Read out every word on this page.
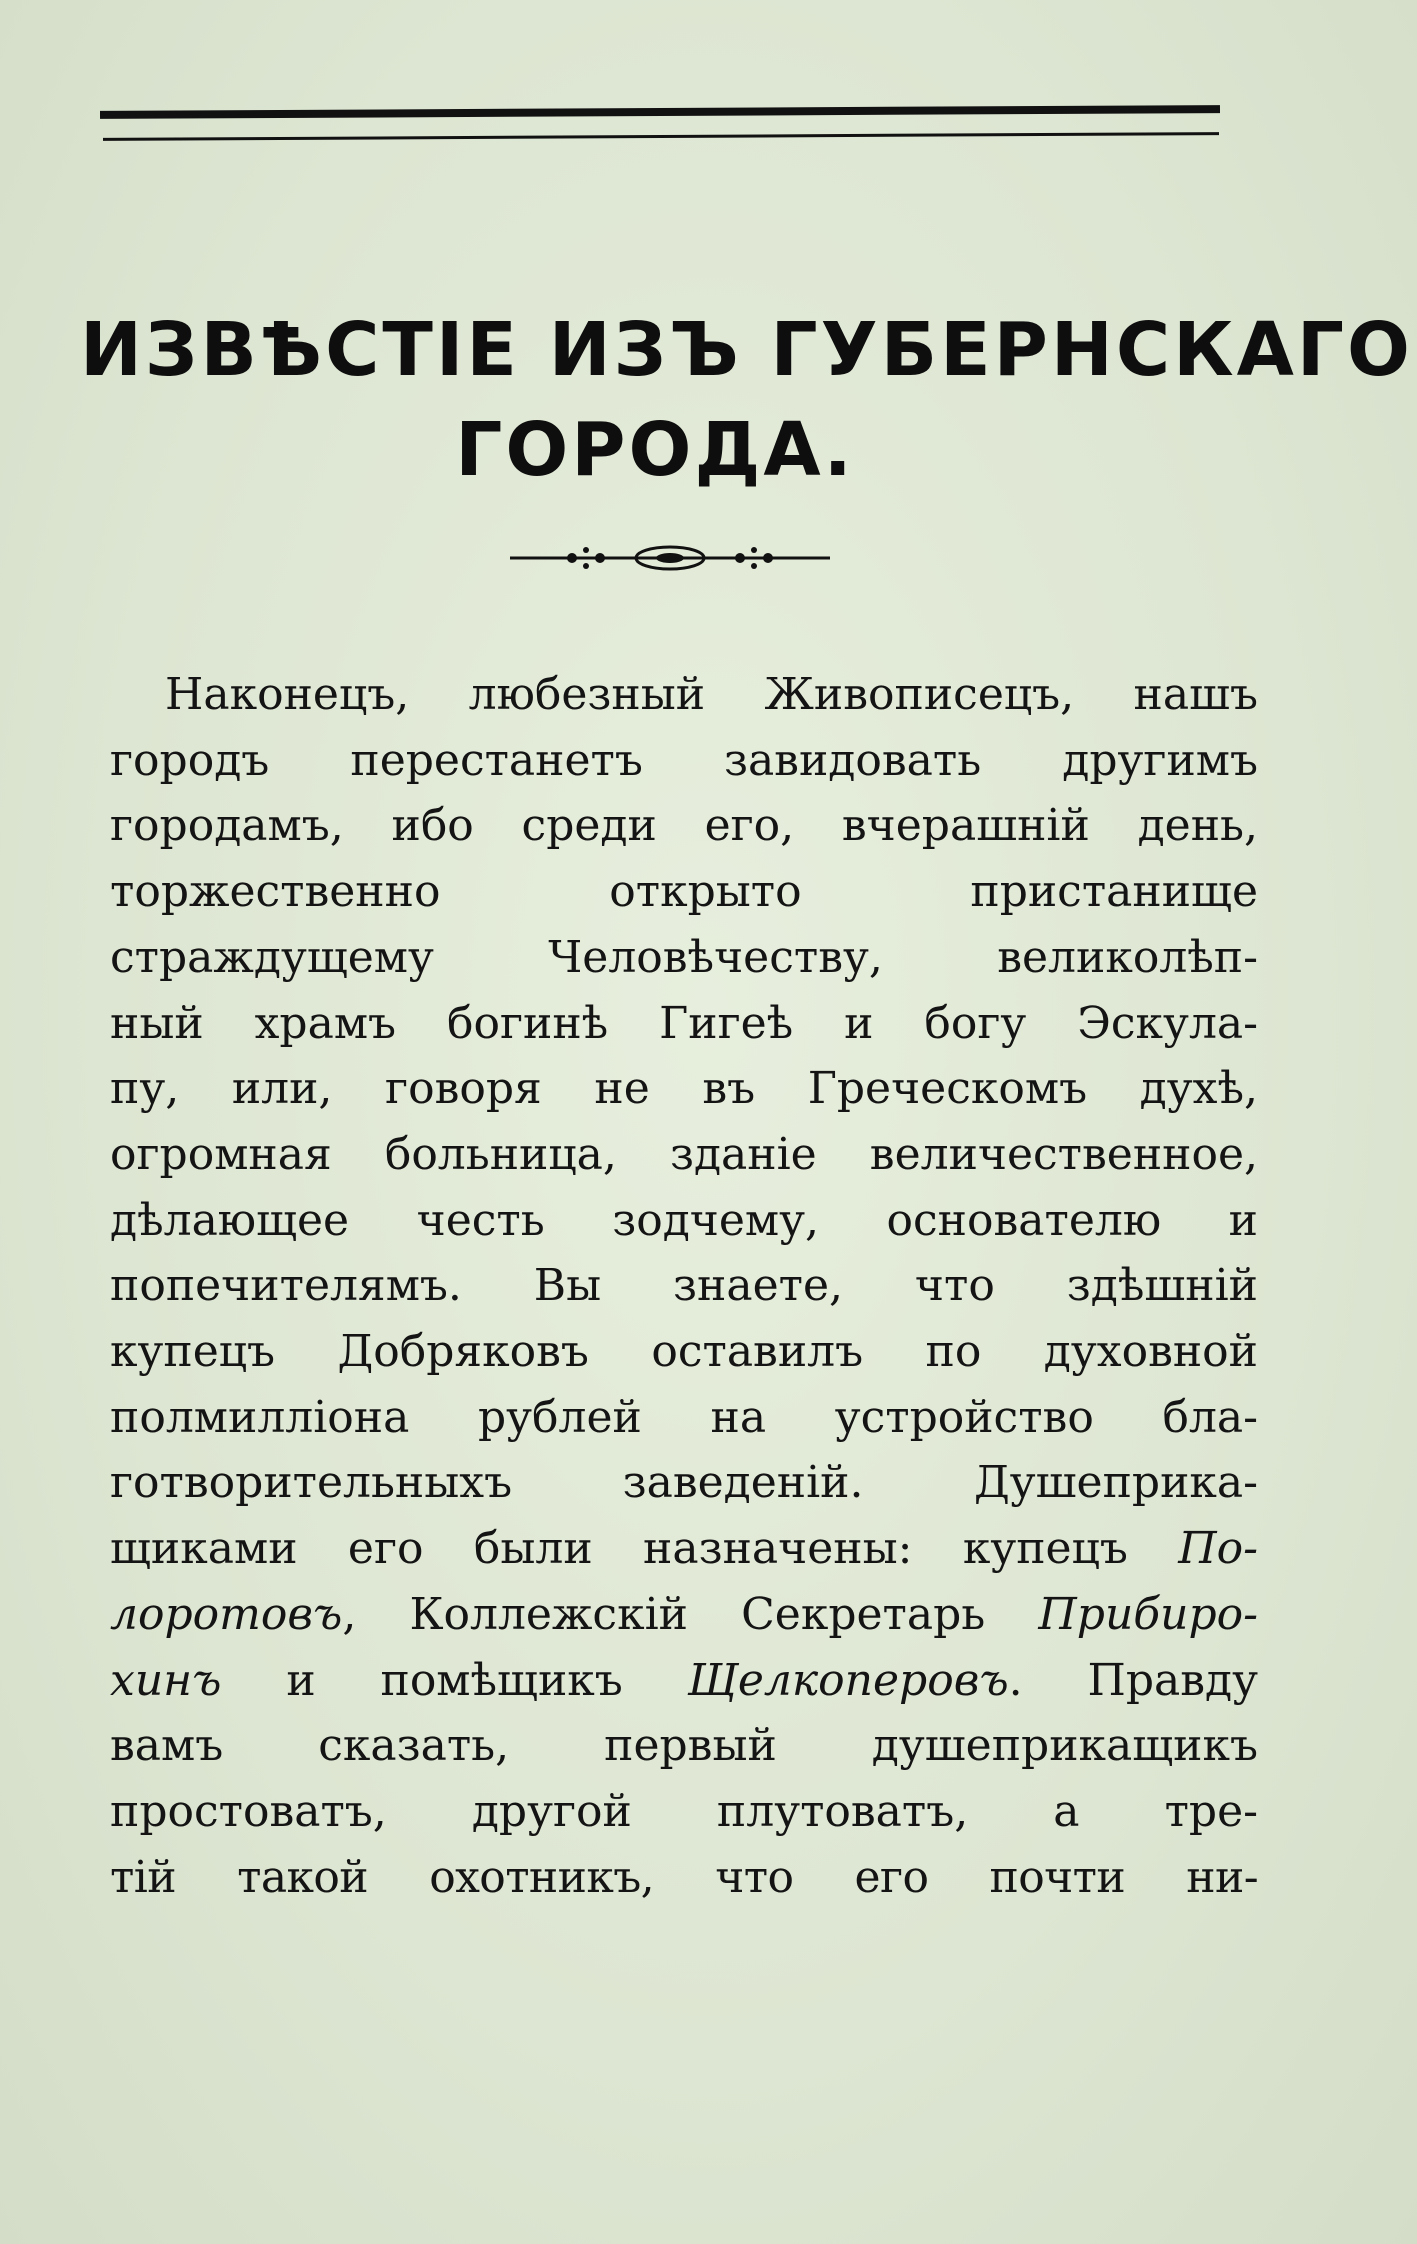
ИЗВѢСТІЕ ИЗЪ ГУБЕРНСКАГО
ГОРОДА.
Наконецъ, любезный Живописецъ, нашъ
городъ перестанетъ завидовать другимъ
городамъ, ибо среди его, вчерашній день,
торжественно открыто пристанище
страждущему Человѣчеству, великолѣп-
ный храмъ богинѣ Гигеѣ и богу Эскула-
пу, или, говоря не въ Греческомъ духѣ,
огромная больница, зданіе величественное,
дѣлающее честь зодчему, основателю и
попечителямъ. Вы знаете, что здѣшній
купецъ Добряковъ оставилъ по духовной
полмилліона рублей на устройство бла-
готворительныхъ заведеній. Душеприка-
щиками его были назначены: купецъ По-
лоротовъ, Коллежскій Секретарь Прибиро-
хинъ и помѣщикъ Щелкоперовъ. Правду
вамъ сказать, первый душеприкащикъ
простоватъ, другой плутоватъ, а тре-
тій такой охотникъ, что его почти ни-
